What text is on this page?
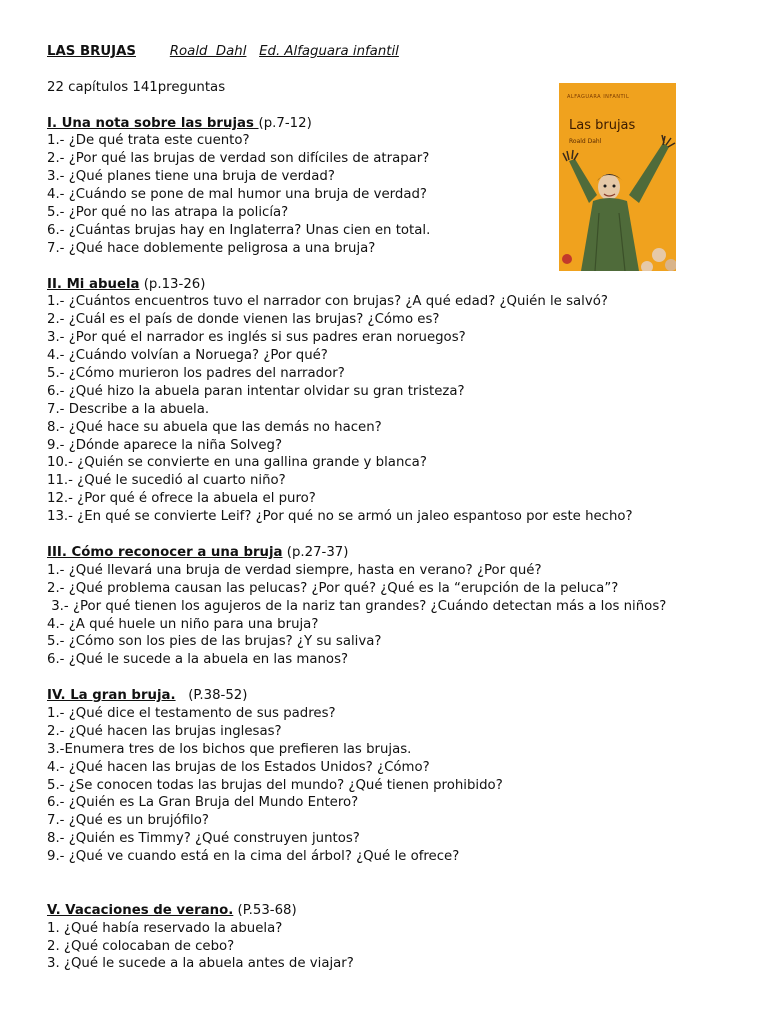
LAS BRUJAS	Roald  Dahl Ed. Alfaguara infantil
22 capítulos 141preguntas
I. Una nota sobre las brujas (p.7-12)
1.- ¿De qué trata este cuento?
2.- ¿Por qué las brujas de verdad son difíciles de atrapar?
3.- ¿Qué planes tiene una bruja de verdad?
4.- ¿Cuándo se pone de mal humor una bruja de verdad?
5.- ¿Por qué no las atrapa la policía?
6.- ¿Cuántas brujas hay en Inglaterra? Unas cien en total.
7.- ¿Qué hace doblemente peligrosa a una bruja?
II. Mi abuela (p.13-26)
1.- ¿Cuántos encuentros tuvo el narrador con brujas? ¿A qué edad? ¿Quién le salvó?
2.- ¿Cuál es el país de donde vienen las brujas? ¿Cómo es?
3.- ¿Por qué el narrador es inglés si sus padres eran noruegos?
4.- ¿Cuándo volvían a Noruega? ¿Por qué?
5.- ¿Cómo murieron los padres del narrador?
6.- ¿Qué hizo la abuela paran intentar olvidar su gran tristeza?
7.- Describe a la abuela.
8.- ¿Qué hace su abuela que las demás no hacen?
9.- ¿Dónde aparece la niña Solveg?
10.- ¿Quién se convierte en una gallina grande y blanca?
11.- ¿Qué le sucedió al cuarto niño?
12.- ¿Por qué é ofrece la abuela el puro?
13.- ¿En qué se convierte Leif? ¿Por qué no se armó un jaleo espantoso por este hecho?
III. Cómo reconocer a una bruja (p.27-37)
1.- ¿Qué llevará una bruja de verdad siempre, hasta en verano? ¿Por qué?
2.- ¿Qué problema causan las pelucas? ¿Por qué? ¿Qué es la “erupción de la peluca”?
3.- ¿Por qué tienen los agujeros de la nariz tan grandes? ¿Cuándo detectan más a los niños?
4.- ¿A qué huele un niño para una bruja?
5.- ¿Cómo son los pies de las brujas? ¿Y su saliva?
6.- ¿Qué le sucede a la abuela en las manos?
IV. La gran bruja.   (P.38-52)
1.- ¿Qué dice el testamento de sus padres?
2.- ¿Qué hacen las brujas inglesas?
3.-Enumera tres de los bichos que prefieren las brujas.
4.- ¿Qué hacen las brujas de los Estados Unidos? ¿Cómo?
5.- ¿Se conocen todas las brujas del mundo? ¿Qué tienen prohibido?
6.- ¿Quién es La Gran Bruja del Mundo Entero?
7.- ¿Qué es un brujófilo?
8.- ¿Quién es Timmy? ¿Qué construyen juntos?
9.- ¿Qué ve cuando está en la cima del árbol? ¿Qué le ofrece?
V. Vacaciones de verano. (P.53-68)
1. ¿Qué había reservado la abuela?
2. ¿Qué colocaban de cebo?
3. ¿Qué le sucede a la abuela antes de viajar?
ALFAGUARA INFANTIL
Las brujas
Roald Dahl
